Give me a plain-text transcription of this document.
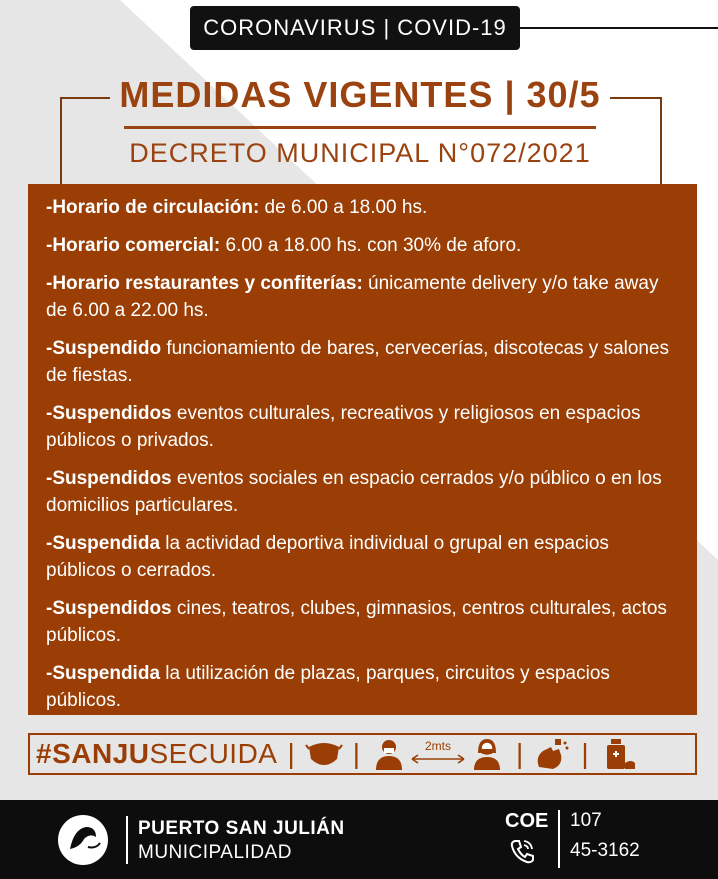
CORONAVIRUS | COVID-19
MEDIDAS VIGENTES | 30/5
DECRETO MUNICIPAL N°072/2021
-Horario de circulación: de 6.00 a 18.00 hs.
-Horario comercial: 6.00 a 18.00 hs. con 30% de aforo.
-Horario restaurantes y confiterías: únicamente delivery y/o take away de 6.00 a 22.00 hs.
-Suspendido funcionamiento de bares, cervecerías, discotecas y salones de fiestas.
-Suspendidos eventos culturales, recreativos y religiosos en espacios públicos o privados.
-Suspendidos eventos sociales en espacio cerrados y/o público o en los domicilios particulares.
-Suspendida la actividad deportiva individual o grupal en espacios públicos o cerrados.
-Suspendidos cines, teatros, clubes, gimnasios, centros culturales, actos públicos.
-Suspendida la utilización de plazas, parques, circuitos y espacios públicos.
#SANJUSECUIDA | |	2mts | |
PUERTO SAN JULIÁN
MUNICIPALIDAD
COE 107
45-3162
